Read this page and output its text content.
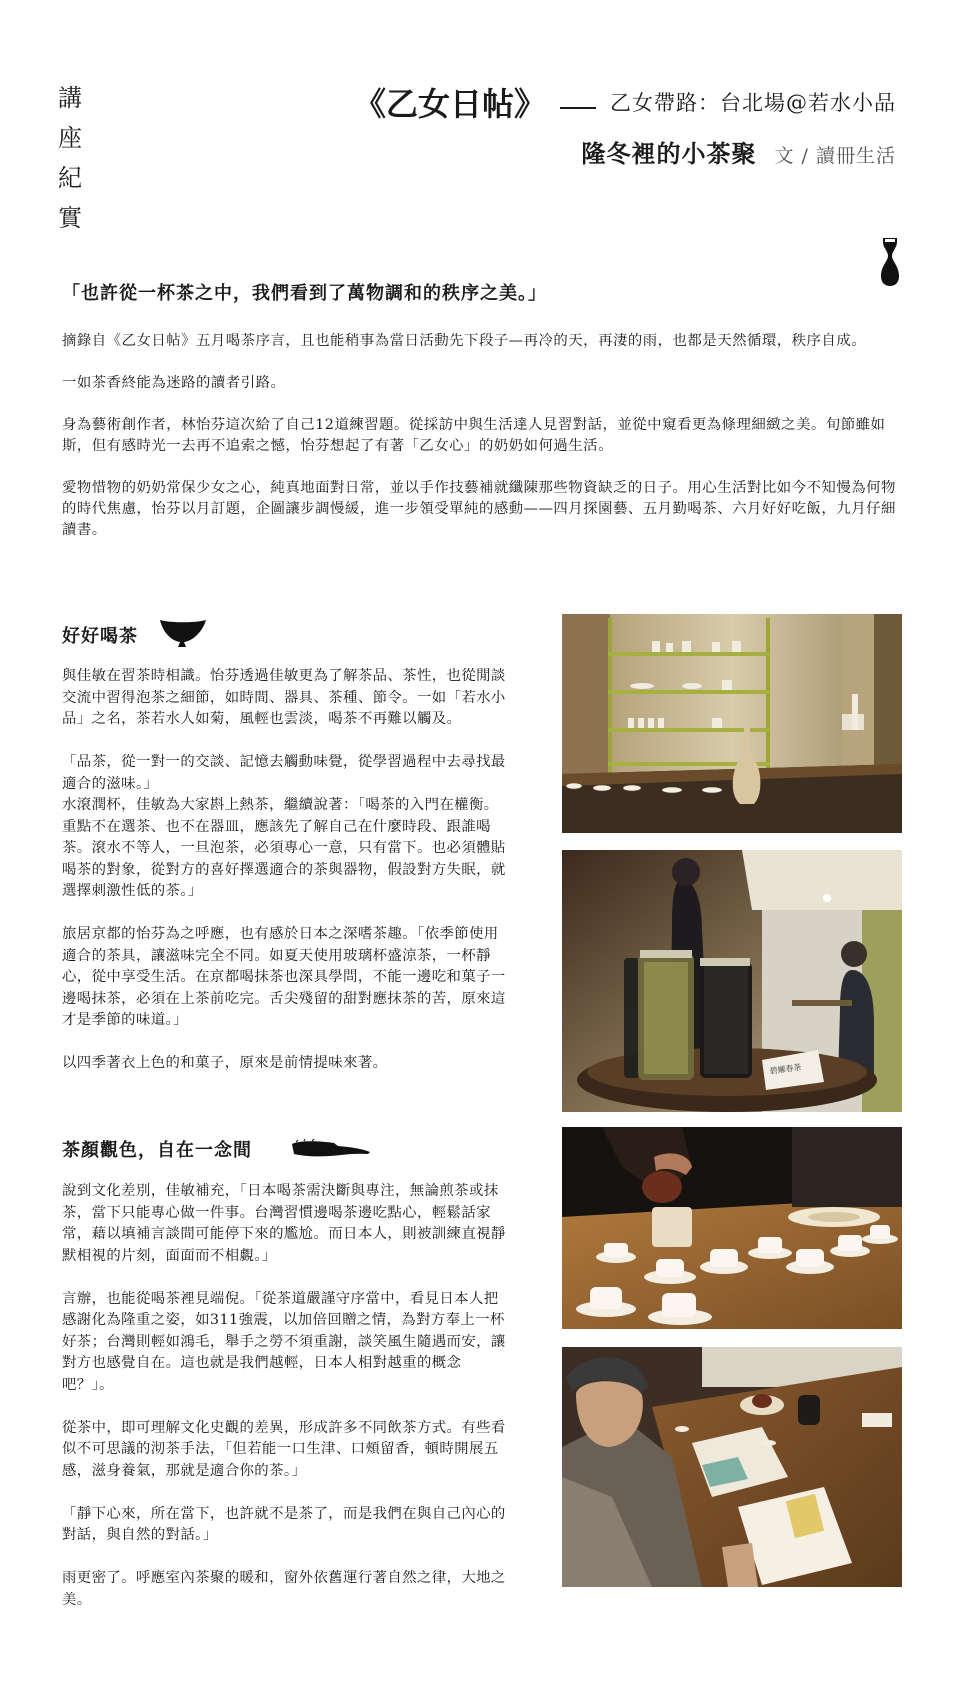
講
座
紀
實
《乙女日帖》	乙女帶路：台北場@若水小品
隆冬裡的小茶聚 文 / 讀冊生活
「也許從一杯茶之中，我們看到了萬物調和的秩序之美。」

摘錄自《乙女日帖》五月喝茶序言，且也能稍事為當日活動先下段子—再冷的天，再淒的雨，也都是天然循環，秩序自成。

一如茶香終能為迷路的讀者引路。

身為藝術創作者，林怡芬這次給了自己12道練習題。從採訪中與生活達人見習對話，並從中窺看更為條理細緻之美。旬節雖如斯，但有感時光一去再不追索之憾，怡芬想起了有著「乙女心」的奶奶如何過生活。

愛物惜物的奶奶常保少女之心，純真地面對日常，並以手作技藝補就纖陳那些物資缺乏的日子。用心生活對比如今不知慢為何物的時代焦慮，怡芬以月訂題，企圖讓步調慢緩，進一步領受單純的感動——四月探園藝、五月勤喝茶、六月好好吃飯，九月仔細讀書。

好好喝茶

與佳敏在習茶時相識。怡芬透過佳敏更為了解茶品、茶性，也從閒談交流中習得泡茶之細節，如時間、器具、茶種、節令。一如「若水小品」之名，茶若水人如菊，風輕也雲淡，喝茶不再難以觸及。

「品茶，從一對一的交談、記憶去觸動味覺，從學習過程中去尋找最適合的滋味。」
水滾潤杯，佳敏為大家斟上熱茶，繼續說著：「喝茶的入門在權衡。重點不在選茶、也不在器皿，應該先了解自己在什麼時段、跟誰喝茶。滾水不等人，一旦泡茶，必須專心一意，只有當下。也必須體貼喝茶的對象，從對方的喜好擇選適合的茶與器物，假設對方失眠，就選擇刺激性低的茶。」

旅居京都的怡芬為之呼應，也有感於日本之深嗜茶趣。「依季節使用適合的茶具，讓滋味完全不同。如夏天使用玻璃杯盛涼茶，一杯靜心，從中享受生活。在京都喝抹茶也深具學問，不能一邊吃和菓子一邊喝抹茶，必須在上茶前吃完。舌尖殘留的甜對應抹茶的苦，原來這才是季節的味道。」

以四季著衣上色的和菓子，原來是前情提味來著。

茶顏觀色，自在一念間

說到文化差別，佳敏補充，「日本喝茶需決斷與專注，無論煎茶或抹茶，當下只能專心做一件事。台灣習慣邊喝茶邊吃點心，輕鬆話家常，藉以填補言談間可能停下來的尷尬。而日本人，則被訓練直視靜默相視的片刻，面面而不相覷。」

言辦，也能從喝茶裡見端倪。「從茶道嚴謹守序當中，看見日本人把感謝化為隆重之姿，如311強震，以加倍回贈之情，為對方奉上一杯好茶；台灣則輕如鴻毛，舉手之勞不須重謝，談笑風生隨遇而安，讓對方也感覺自在。這也就是我們越輕，日本人相對越重的概念吧？」。

從茶中，即可理解文化史觀的差異，形成許多不同飲茶方式。有些看似不可思議的沏茶手法，「但若能一口生津、口頰留香，頓時開展五感，滋身養氣，那就是適合你的茶。」

「靜下心來，所在當下，也許就不是茶了，而是我們在與自己內心的對話，與自然的對話。」

雨更密了。呼應室內茶聚的暖和，窗外依舊運行著自然之律，大地之美。

碧螺春茶
